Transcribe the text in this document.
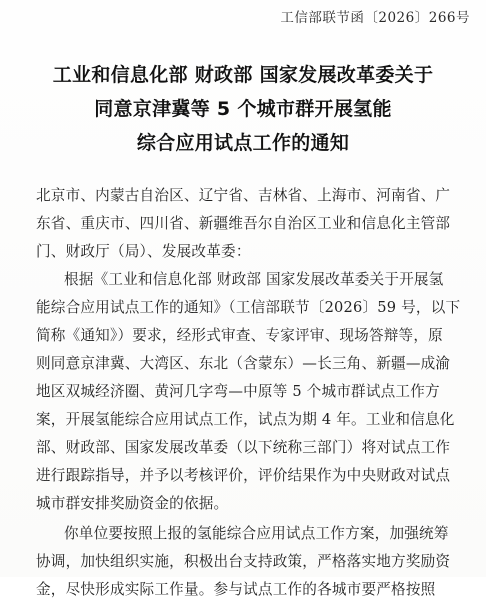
工信部联节函〔2026〕266号
工业和信息化部 财政部 国家发展改革委关于
同意京津冀等 5 个城市群开展氢能
综合应用试点工作的通知
北京市、内蒙古自治区、辽宁省、吉林省、上海市、河南省、广
东省、重庆市、四川省、新疆维吾尔自治区工业和信息化主管部
门、财政厅（局）、发展改革委：
根据《工业和信息化部 财政部 国家发展改革委关于开展氢
能综合应用试点工作的通知》（工信部联节〔2026〕59 号，以下
简称《通知》）要求，经形式审查、专家评审、现场答辩等，原
则同意京津冀、大湾区、东北（含蒙东）—长三角、新疆—成渝
地区双城经济圈、黄河几字弯—中原等 5 个城市群试点工作方
案，开展氢能综合应用试点工作，试点为期 4 年。工业和信息化
部、财政部、国家发展改革委（以下统称三部门）将对试点工作
进行跟踪指导，并予以考核评价，评价结果作为中央财政对试点
城市群安排奖励资金的依据。
你单位要按照上报的氢能综合应用试点工作方案，加强统筹
协调，加快组织实施，积极出台支持政策，严格落实地方奖励资
金，尽快形成实际工作量。参与试点工作的各城市要严格按照
